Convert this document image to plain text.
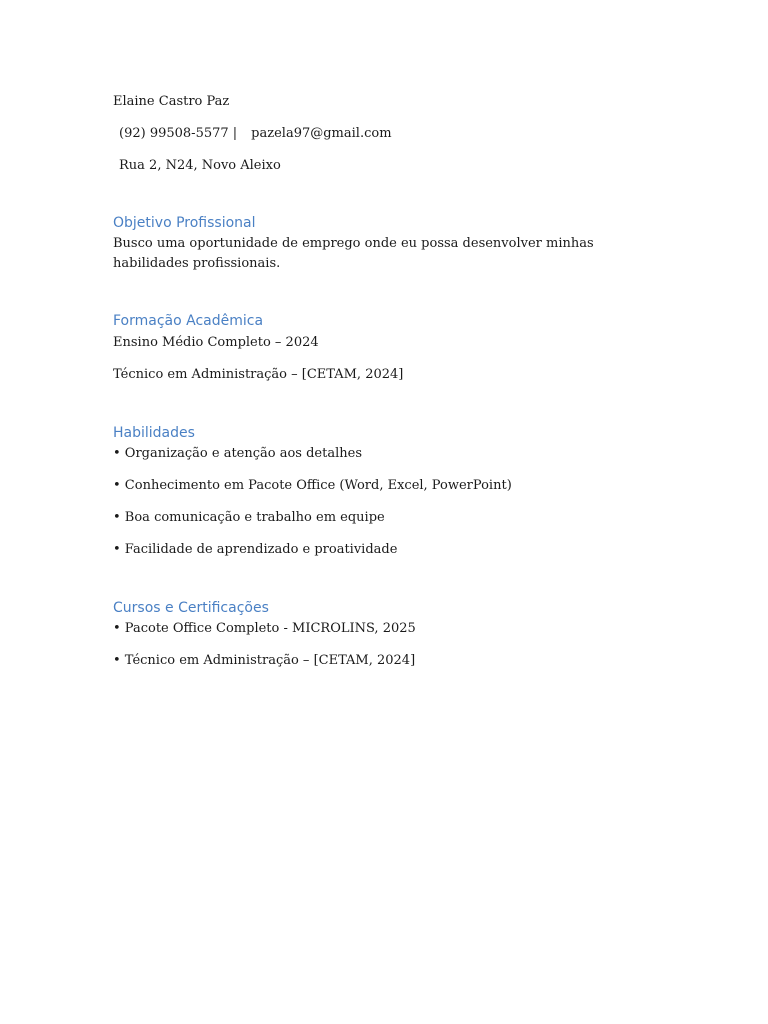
Elaine Castro Paz

(92) 99508-5577 | pazela97@gmail.com

Rua 2, N24, Novo Aleixo

Objetivo Profissional

Busco uma oportunidade de emprego onde eu possa desenvolver minhas habilidades profissionais.

Formação Acadêmica

Ensino Médio Completo – 2024

Técnico em Administração – [CETAM, 2024]

Habilidades

• Organização e atenção aos detalhes

• Conhecimento em Pacote Office (Word, Excel, PowerPoint)

• Boa comunicação e trabalho em equipe

• Facilidade de aprendizado e proatividade

Cursos e Certificações

• Pacote Office Completo - MICROLINS, 2025

• Técnico em Administração – [CETAM, 2024]
